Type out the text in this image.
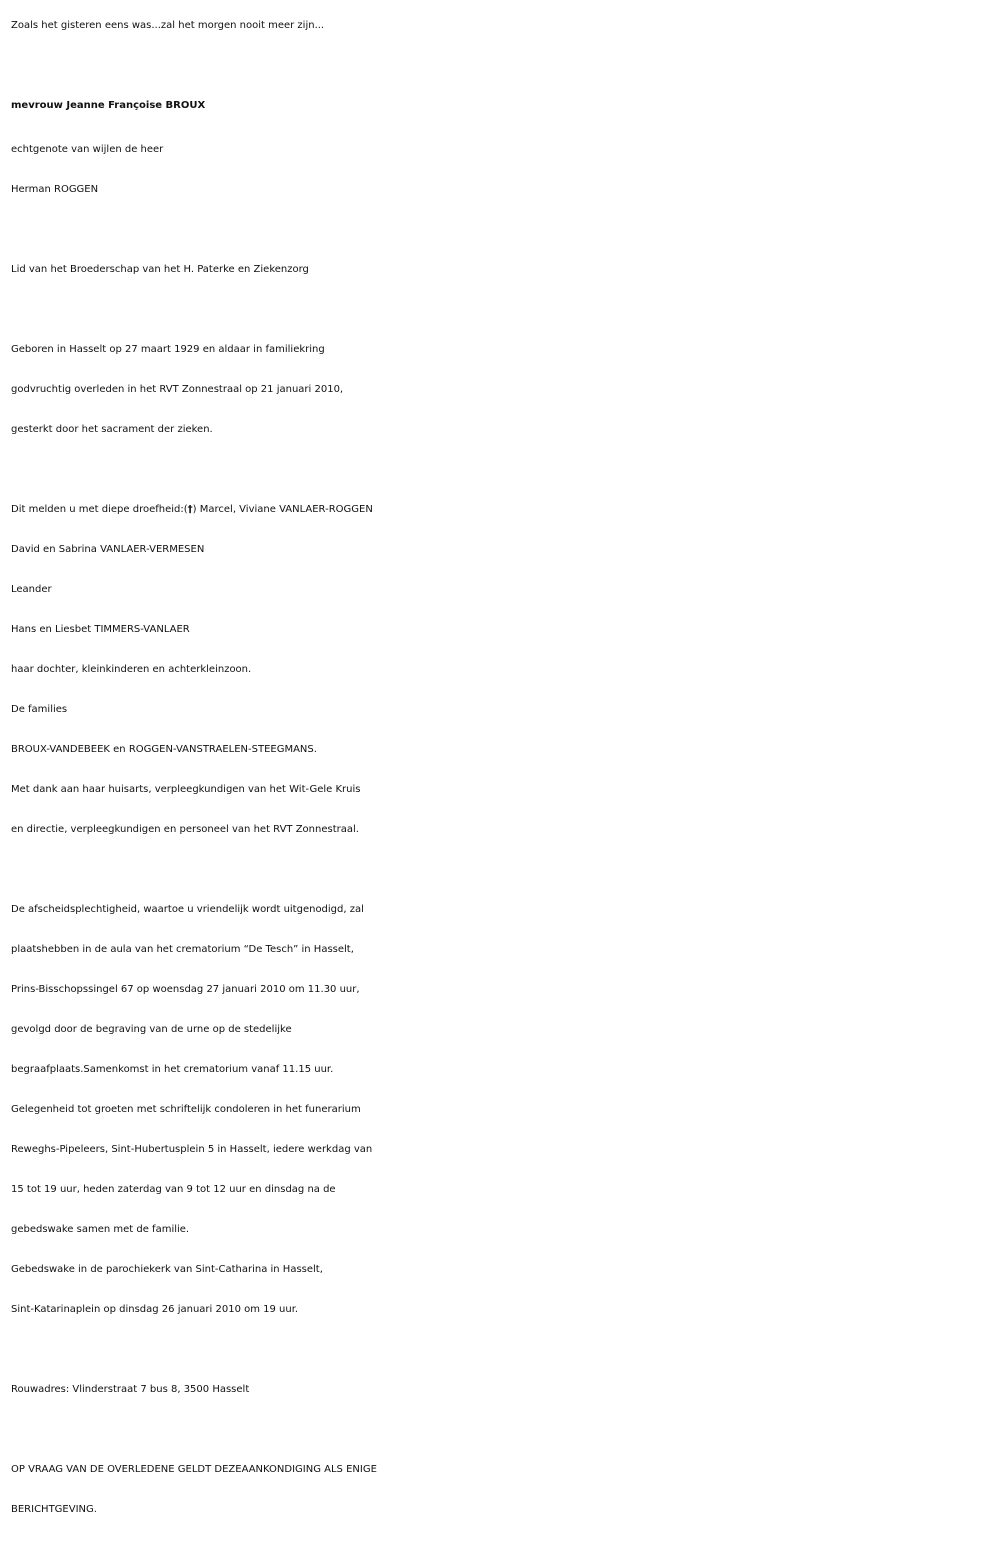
Zoals het gisteren eens was...zal het morgen nooit meer zijn...
mevrouw Jeanne Françoise BROUX
echtgenote van wijlen de heer
Herman ROGGEN
Lid van het Broederschap van het H. Paterke en Ziekenzorg
Geboren in Hasselt op 27 maart 1929 en aldaar in familiekring
godvruchtig overleden in het RVT Zonnestraal op 21 januari 2010,
gesterkt door het sacrament der zieken.
Dit melden u met diepe droefheid:(†) Marcel, Viviane VANLAER-ROGGEN
David en Sabrina VANLAER-VERMESEN
Leander
Hans en Liesbet TIMMERS-VANLAER
haar dochter, kleinkinderen en achterkleinzoon.
De families
BROUX-VANDEBEEK en ROGGEN-VANSTRAELEN-STEEGMANS.
Met dank aan haar huisarts, verpleegkundigen van het Wit-Gele Kruis
en directie, verpleegkundigen en personeel van het RVT Zonnestraal.
De afscheidsplechtigheid, waartoe u vriendelijk wordt uitgenodigd, zal
plaatshebben in de aula van het crematorium “De Tesch” in Hasselt,
Prins-Bisschopssingel 67 op woensdag 27 januari 2010 om 11.30 uur,
gevolgd door de begraving van de urne op de stedelijke
begraafplaats.Samenkomst in het crematorium vanaf 11.15 uur.
Gelegenheid tot groeten met schriftelijk condoleren in het funerarium
Reweghs-Pipeleers, Sint-Hubertusplein 5 in Hasselt, iedere werkdag van
15 tot 19 uur, heden zaterdag van 9 tot 12 uur en dinsdag na de
gebedswake samen met de familie.
Gebedswake in de parochiekerk van Sint-Catharina in Hasselt,
Sint-Katarinaplein op dinsdag 26 januari 2010 om 19 uur.
Rouwadres: Vlinderstraat 7 bus 8, 3500 Hasselt
OP VRAAG VAN DE OVERLEDENE GELDT DEZEAANKONDIGING ALS ENIGE
BERICHTGEVING.
